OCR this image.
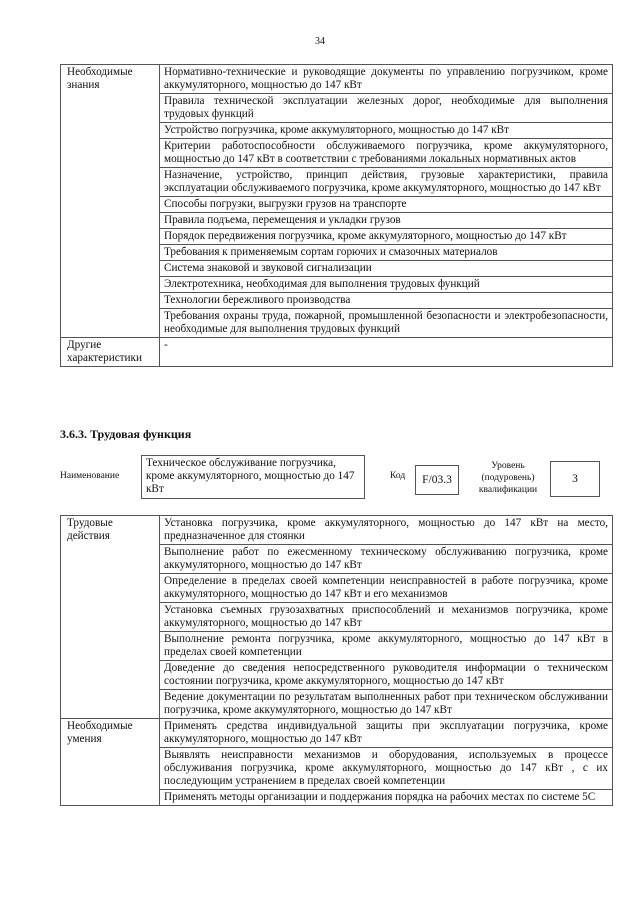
34
Необходимые знания	Нормативно-технические и руководящие документы по управлению погрузчиком, кроме аккумуляторного, мощностью до 147 кВт
	Правила технической эксплуатации железных дорог, необходимые для выполнения трудовых функций
	Устройство погрузчика, кроме аккумуляторного, мощностью до 147 кВт
	Критерии работоспособности обслуживаемого погрузчика, кроме аккумуляторного, мощностью до 147 кВт в соответствии с требованиями локальных нормативных актов
	Назначение, устройство, принцип действия, грузовые характеристики, правила эксплуатации обслуживаемого погрузчика, кроме аккумуляторного, мощностью до 147 кВт
	Способы погрузки, выгрузки грузов на транспорте
	Правила подъема, перемещения и укладки грузов
	Порядок передвижения погрузчика, кроме аккумуляторного, мощностью до 147 кВт
	Требования к применяемым сортам горючих и смазочных материалов
	Система знаковой и звуковой сигнализации
	Электротехника, необходимая для выполнения трудовых функций
	Технологии бережливого производства
	Требования охраны труда, пожарной, промышленной безопасности и электробезопасности, необходимые для выполнения трудовых функций
Другие характеристики	-
3.6.3. Трудовая функция
Наименование
Техническое обслуживание погрузчика, кроме аккумуляторного, мощностью до 147 кВт
Код	F/03.3
Уровень (подуровень) квалификации
3
Трудовые действия	Установка погрузчика, кроме аккумуляторного, мощностью до 147 кВт на место, предназначенное для стоянки
	Выполнение работ по ежесменному техническому обслуживанию погрузчика, кроме аккумуляторного, мощностью до 147 кВт
	Определение в пределах своей компетенции неисправностей в работе погрузчика, кроме аккумуляторного, мощностью до 147 кВт и его механизмов
	Установка съемных грузозахватных приспособлений и механизмов погрузчика, кроме аккумуляторного, мощностью до 147 кВт
	Выполнение ремонта погрузчика, кроме аккумуляторного, мощностью до 147 кВт в пределах своей компетенции
	Доведение до сведения непосредственного руководителя информации о техническом состоянии погрузчика, кроме аккумуляторного, мощностью до 147 кВт
	Ведение документации по результатам выполненных работ при техническом обслуживании погрузчика, кроме аккумуляторного, мощностью до 147 кВт
Необходимые умения	Применять средства индивидуальной защиты при эксплуатации погрузчика, кроме аккумуляторного, мощностью до 147 кВт
	Выявлять неисправности механизмов и оборудования, используемых в процессе обслуживания погрузчика, кроме аккумуляторного, мощностью до 147 кВт , с их последующим устранением в пределах своей компетенции
	Применять методы организации и поддержания порядка на рабочих местах по системе 5С
